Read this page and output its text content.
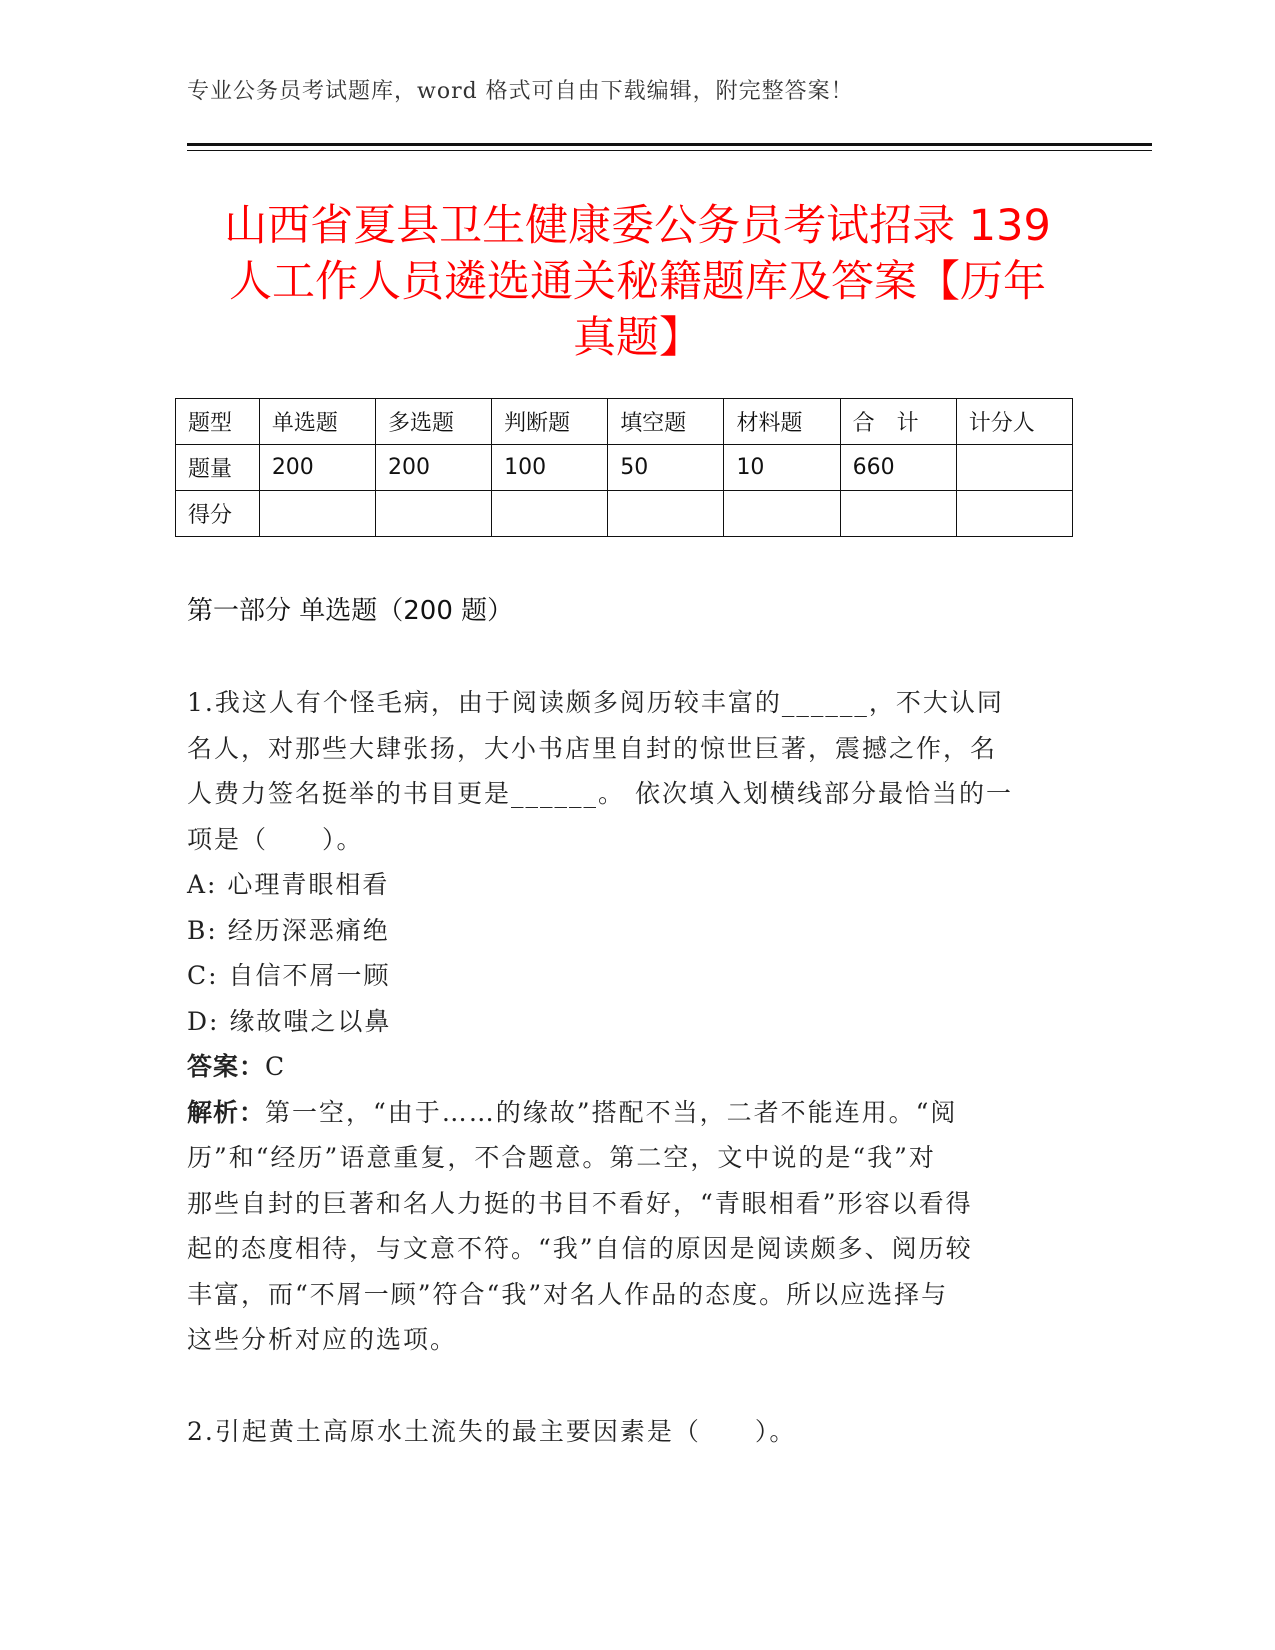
专业公务员考试题库，word 格式可自由下载编辑，附完整答案！
山西省夏县卫生健康委公务员考试招录 139
人工作人员遴选通关秘籍题库及答案【历年
真题】
题型	单选题	多选题	判断题	填空题	材料题	合　计	计分人
题量	200	200	100	50	10	660	
得分							
第一部分 单选题（200 题）

1.我这人有个怪毛病，由于阅读颇多阅历较丰富的______，不大认同

名人，对那些大肆张扬，大小书店里自封的惊世巨著，震撼之作，名

人费力签名挺举的书目更是______。 依次填入划横线部分最恰当的一

项是（　　）。

A: 心理青眼相看

B: 经历深恶痛绝

C: 自信不屑一顾

D: 缘故嗤之以鼻

答案：C

解析：第一空，“由于……的缘故”搭配不当，二者不能连用。“阅

历”和“经历”语意重复，不合题意。第二空，文中说的是“我”对

那些自封的巨著和名人力挺的书目不看好，“青眼相看”形容以看得

起的态度相待，与文意不符。“我”自信的原因是阅读颇多、阅历较

丰富，而“不屑一顾”符合“我”对名人作品的态度。所以应选择与

这些分析对应的选项。

2.引起黄土高原水土流失的最主要因素是（　　）。
